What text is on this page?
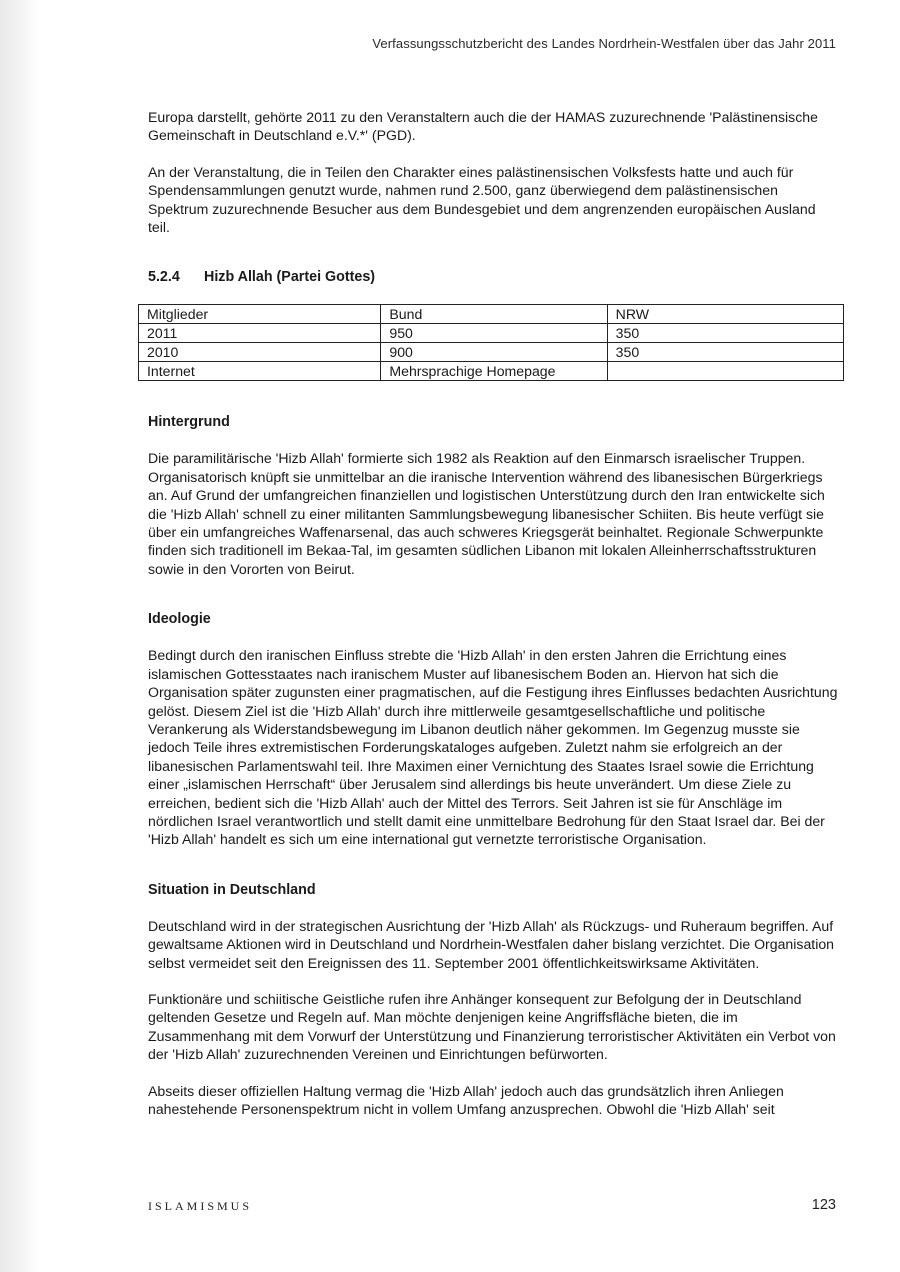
Verfassungsschutzbericht des Landes Nordrhein-Westfalen über das Jahr 2011

Europa darstellt, gehörte 2011 zu den Veranstaltern auch die der HAMAS zuzurechnende 'Palästinensische Gemeinschaft in Deutschland e.V.*' (PGD).

An der Veranstaltung, die in Teilen den Charakter eines palästinensischen Volksfests hatte und auch für Spendensammlungen genutzt wurde, nahmen rund 2.500, ganz überwiegend dem palästinensischen Spektrum zuzurechnende Besucher aus dem Bundesgebiet und dem angrenzenden europäischen Ausland teil.

5.2.4 Hizb Allah (Partei Gottes)
Mitglieder	Bund	NRW
2011	950	350
2010	900	350
Internet	Mehrsprachige Homepage	
Hintergrund

Die paramilitärische 'Hizb Allah' formierte sich 1982 als Reaktion auf den Einmarsch israelischer Truppen. Organisatorisch knüpft sie unmittelbar an die iranische Intervention während des libanesischen Bürgerkriegs an. Auf Grund der umfangreichen finanziellen und logistischen Unterstützung durch den Iran entwickelte sich die 'Hizb Allah' schnell zu einer militanten Sammlungsbewegung libanesischer Schiiten. Bis heute verfügt sie über ein umfangreiches Waffenarsenal, das auch schweres Kriegsgerät beinhaltet. Regionale Schwerpunkte finden sich traditionell im Bekaa-Tal, im gesamten südlichen Libanon mit lokalen Alleinherrschaftsstrukturen sowie in den Vororten von Beirut.

Ideologie

Bedingt durch den iranischen Einfluss strebte die 'Hizb Allah' in den ersten Jahren die Errichtung eines islamischen Gottesstaates nach iranischem Muster auf libanesischem Boden an. Hiervon hat sich die Organisation später zugunsten einer pragmatischen, auf die Festigung ihres Einflusses bedachten Ausrichtung gelöst. Diesem Ziel ist die 'Hizb Allah' durch ihre mittlerweile gesamtgesellschaftliche und politische Verankerung als Widerstandsbewegung im Libanon deutlich näher gekommen. Im Gegenzug musste sie jedoch Teile ihres extremistischen Forderungskataloges aufgeben. Zuletzt nahm sie erfolgreich an der libanesischen Parlamentswahl teil. Ihre Maximen einer Vernichtung des Staates Israel sowie die Errichtung einer „islamischen Herrschaft“ über Jerusalem sind allerdings bis heute unverändert. Um diese Ziele zu erreichen, bedient sich die 'Hizb Allah' auch der Mittel des Terrors. Seit Jahren ist sie für Anschläge im nördlichen Israel verantwortlich und stellt damit eine unmittelbare Bedrohung für den Staat Israel dar. Bei der 'Hizb Allah' handelt es sich um eine international gut vernetzte terroristische Organisation.

Situation in Deutschland

Deutschland wird in der strategischen Ausrichtung der 'Hizb Allah' als Rückzugs- und Ruheraum begriffen. Auf gewaltsame Aktionen wird in Deutschland und Nordrhein-Westfalen daher bislang verzichtet. Die Organisation selbst vermeidet seit den Ereignissen des 11. September 2001 öffentlichkeitswirksame Aktivitäten.

Funktionäre und schiitische Geistliche rufen ihre Anhänger konsequent zur Befolgung der in Deutschland geltenden Gesetze und Regeln auf. Man möchte denjenigen keine Angriffsfläche bieten, die im Zusammenhang mit dem Vorwurf der Unterstützung und Finanzierung terroristischer Aktivitäten ein Verbot von der 'Hizb Allah' zuzurechnenden Vereinen und Einrichtungen befürworten.

Abseits dieser offiziellen Haltung vermag die 'Hizb Allah' jedoch auch das grundsätzlich ihren Anliegen nahestehende Personenspektrum nicht in vollem Umfang anzusprechen. Obwohl die 'Hizb Allah' seit

ISLAMISMUS	123
